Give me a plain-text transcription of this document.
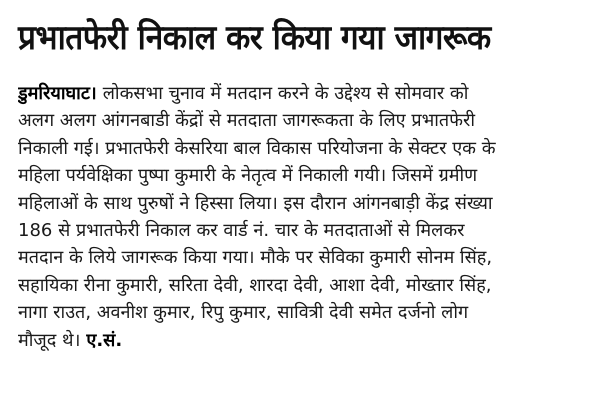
प्रभातफेरी निकाल कर किया गया जागरूक
डुमरियाघाट। लोकसभा चुनाव में मतदान करने के उद्देश्य से सोमवार को
अलग अलग आंगनबाडी केंद्रों से मतदाता जागरूकता के लिए प्रभातफेरी
निकाली गई। प्रभातफेरी केसरिया बाल विकास परियोजना के सेक्टर एक के
महिला पर्यवेक्षिका पुष्पा कुमारी के नेतृत्व में निकाली गयी। जिसमें ग्रमीण
महिलाओं के साथ पुरुषों ने हिस्सा लिया। इस दौरान आंगनबाड़ी केंद्र संख्या
186 से प्रभातफेरी निकाल कर वार्ड नं. चार के मतदाताओं से मिलकर
मतदान के लिये जागरूक किया गया। मौके पर सेविका कुमारी सोनम सिंह,
सहायिका रीना कुमारी, सरिता देवी, शारदा देवी, आशा देवी, मोख्तार सिंह,
नागा राउत, अवनीश कुमार, रिपु कुमार, सावित्री देवी समेत दर्जनो लोग
मौजूद थे। ए.सं.
